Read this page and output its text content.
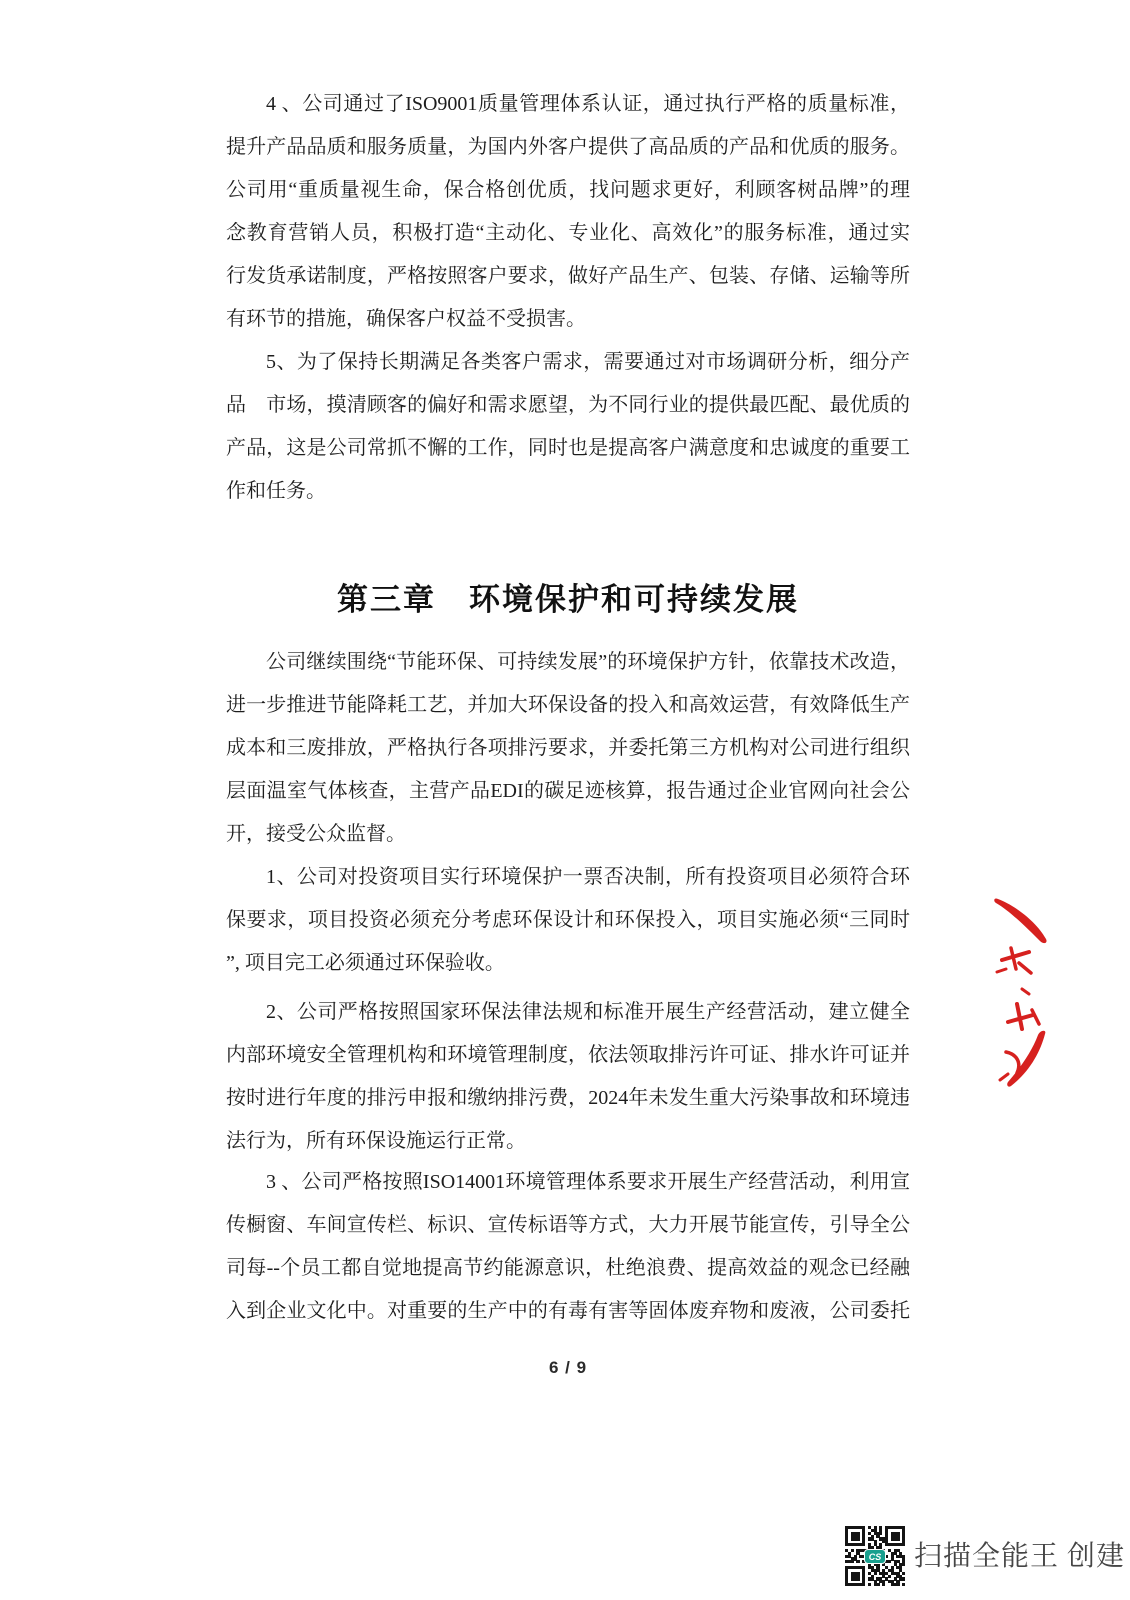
4 、公司通过了ISO9001质量管理体系认证，通过执行严格的质量标准，
提升产品品质和服务质量，为国内外客户提供了高品质的产品和优质的服务。
公司用“重质量视生命，保合格创优质，找问题求更好，利顾客树品牌”的理
念教育营销人员，积极打造“主动化、专业化、高效化”的服务标准，通过实
行发货承诺制度，严格按照客户要求，做好产品生产、包装、存储、运输等所
有环节的措施，确保客户权益不受损害。
5、为了保持长期满足各类客户需求，需要通过对市场调研分析，细分产
品　市场，摸清顾客的偏好和需求愿望，为不同行业的提供最匹配、最优质的
产品，这是公司常抓不懈的工作，同时也是提高客户满意度和忠诚度的重要工
作和任务。
第三章　环境保护和可持续发展
公司继续围绕“节能环保、可持续发展”的环境保护方针，依靠技术改造，
进一步推进节能降耗工艺，并加大环保设备的投入和高效运营，有效降低生产
成本和三废排放，严格执行各项排污要求，并委托第三方机构对公司进行组织
层面温室气体核查，主营产品EDI的碳足迹核算，报告通过企业官网向社会公
开，接受公众监督。
1、公司对投资项目实行环境保护一票否决制，所有投资项目必须符合环
保要求，项目投资必须充分考虑环保设计和环保投入，项目实施必须“三同时
”, 项目完工必须通过环保验收。
2、公司严格按照国家环保法律法规和标准开展生产经营活动，建立健全
内部环境安全管理机构和环境管理制度，依法领取排污许可证、排水许可证并
按时进行年度的排污申报和缴纳排污费，2024年未发生重大污染事故和环境违
法行为，所有环保设施运行正常。
3 、公司严格按照ISO14001环境管理体系要求开展生产经营活动，利用宣
传橱窗、车间宣传栏、标识、宣传标语等方式，大力开展节能宣传，引导全公
司每--个员工都自觉地提高节约能源意识，杜绝浪费、提高效益的观念已经融
入到企业文化中。对重要的生产中的有毒有害等固体废弃物和废液，公司委托
6 / 9
CS 扫描全能王 创建
